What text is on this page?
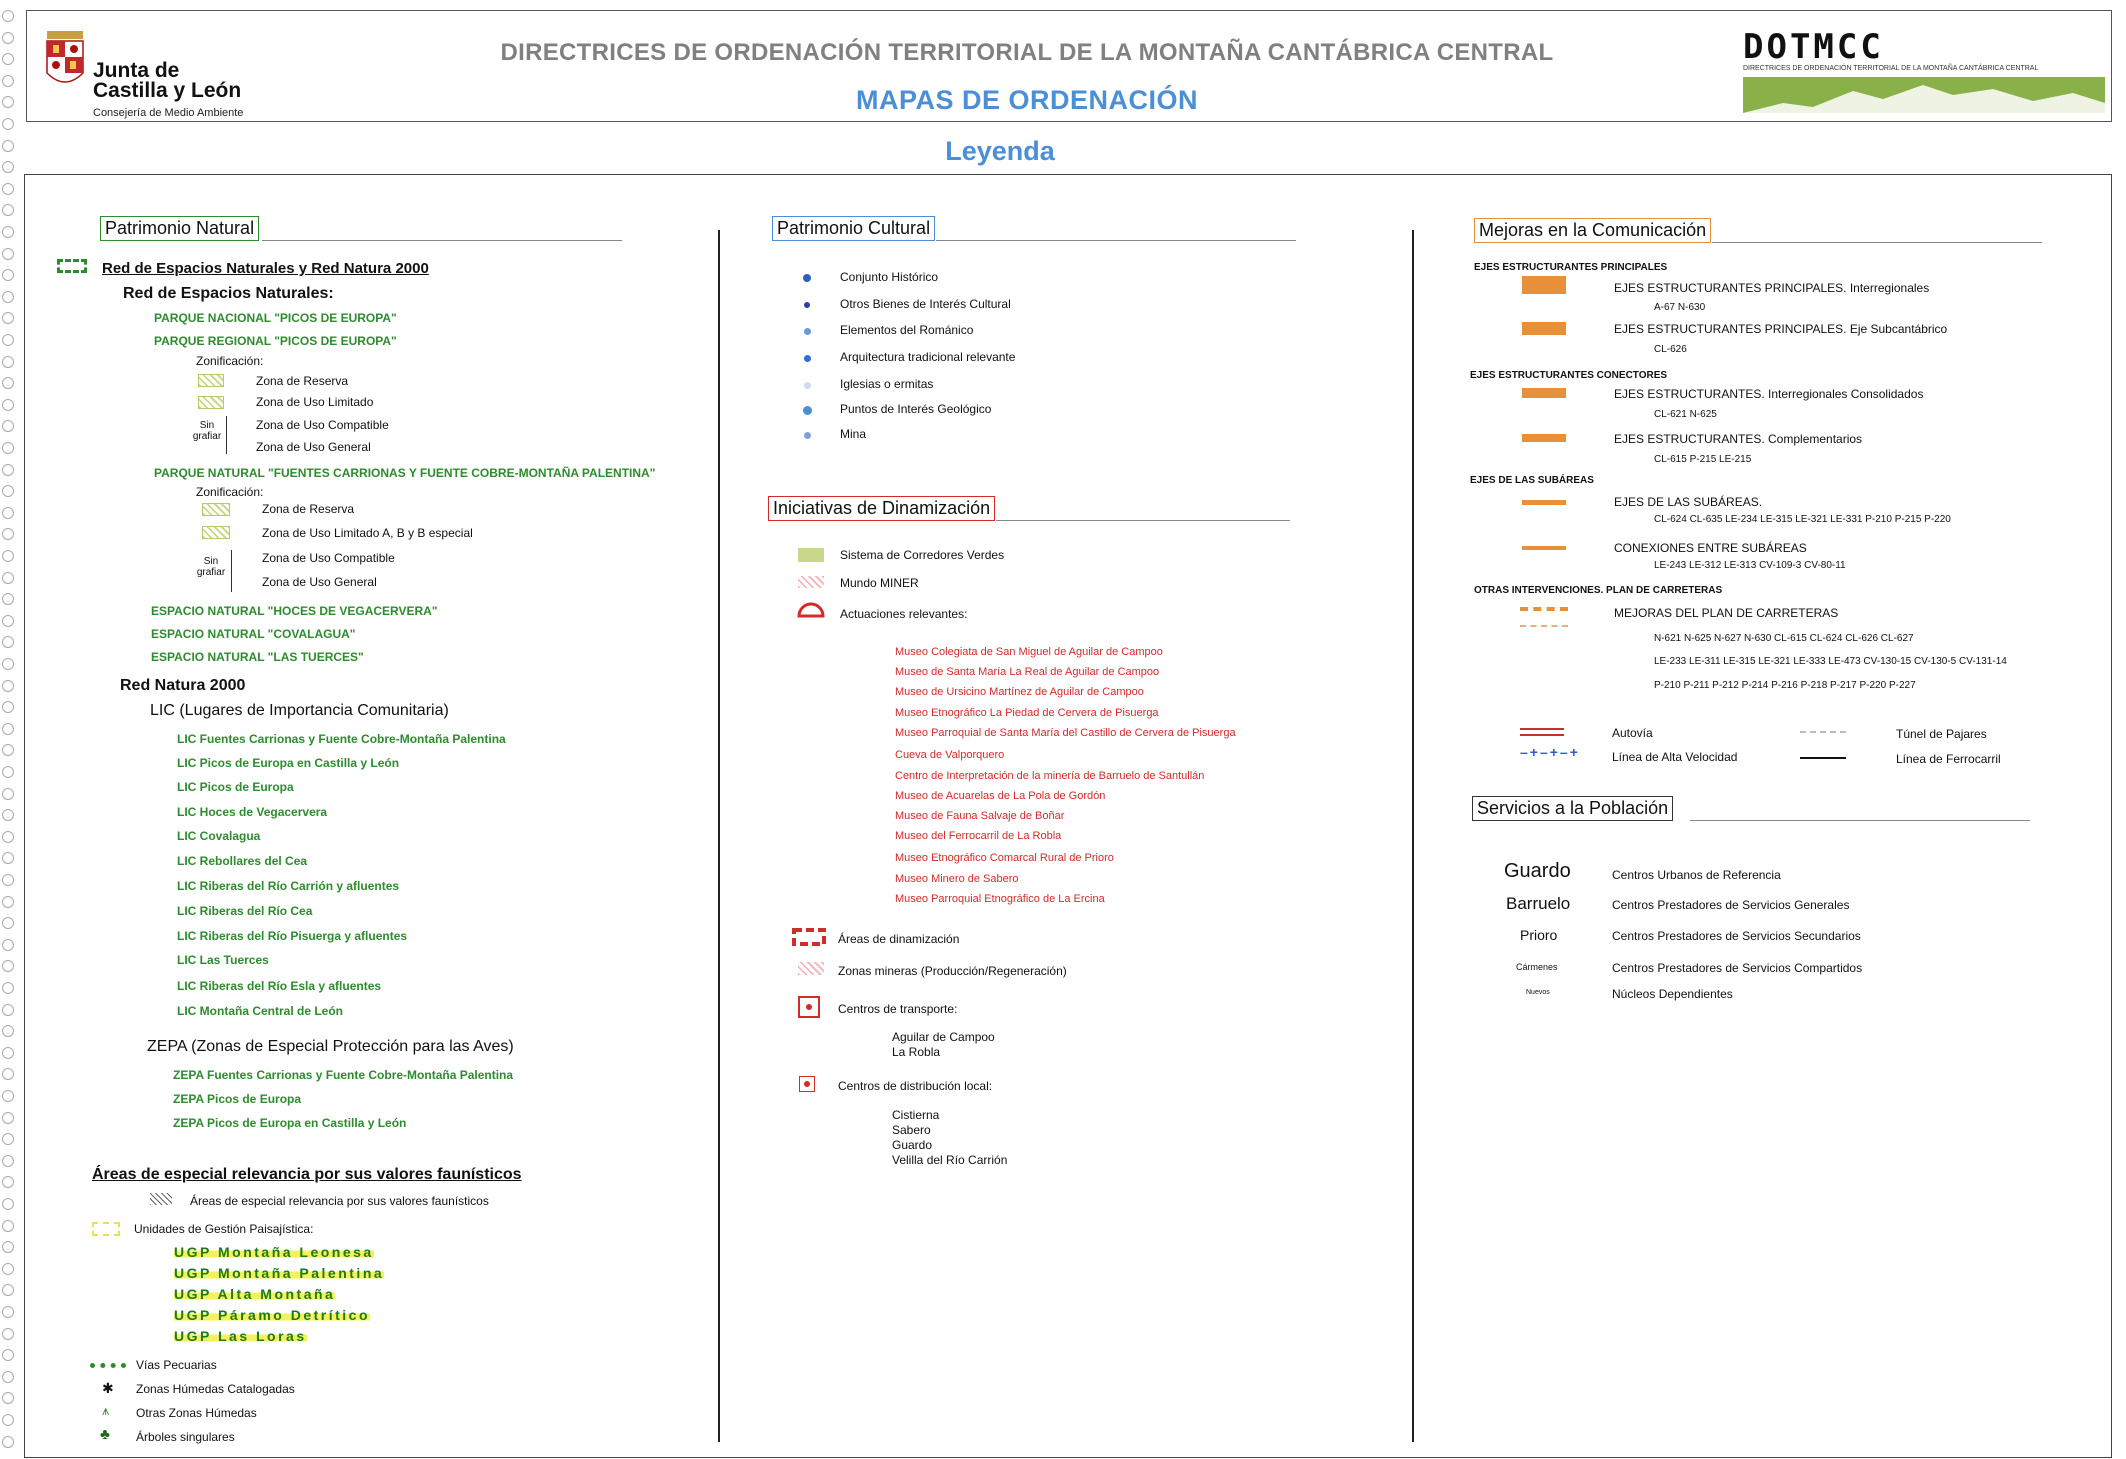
Junta de
Castilla y León
Consejería de Medio Ambiente
DIRECTRICES DE ORDENACIÓN TERRITORIAL DE LA MONTAÑA CANTÁBRICA CENTRAL
MAPAS DE ORDENACIÓN
DOTMCC
DIRECTRICES DE ORDENACIÓN TERRITORIAL DE LA MONTAÑA CANTÁBRICA CENTRAL
Leyenda
Patrimonio Natural
Red de Espacios Naturales y Red Natura 2000
Red de Espacios Naturales:
PARQUE NACIONAL "PICOS DE EUROPA"
PARQUE REGIONAL "PICOS DE EUROPA"
Zonificación:
Zona de Reserva
Zona de Uso Limitado
Sin grafiar
Zona de Uso Compatible
Zona de Uso General
PARQUE NATURAL "FUENTES CARRIONAS Y FUENTE COBRE-MONTAÑA PALENTINA"
Zonificación:
Zona de Reserva
Zona de Uso Limitado A, B y B especial
Sin grafiar
Zona de Uso Compatible
Zona de Uso General
ESPACIO NATURAL "HOCES DE VEGACERVERA"
ESPACIO NATURAL "COVALAGUA"
ESPACIO NATURAL "LAS TUERCES"
Red Natura 2000
LIC (Lugares de Importancia Comunitaria)
LIC Fuentes Carrionas y Fuente Cobre-Montaña Palentina
LIC Picos de Europa en Castilla y León
LIC Picos de Europa
LIC Hoces de Vegacervera
LIC Covalagua
LIC Rebollares del Cea
LIC Riberas del Río Carrión y afluentes
LIC Riberas del Río Cea
LIC Riberas del Río Pisuerga y afluentes
LIC Las Tuerces
LIC Riberas del Río Esla y afluentes
LIC Montaña Central de León
ZEPA (Zonas de Especial Protección para las Aves)
ZEPA Fuentes Carrionas y Fuente Cobre-Montaña Palentina
ZEPA Picos de Europa
ZEPA Picos de Europa en Castilla y León
Áreas de especial relevancia por sus valores faunísticos
Áreas de especial relevancia por sus valores faunísticos
Unidades de Gestión Paisajística:
UGP Montaña Leonesa
UGP Montaña Palentina
UGP Alta Montaña
UGP Páramo Detrítico
UGP Las Loras
Vías Pecuarias
✱ Zonas Húmedas Catalogadas
⩚ Otras Zonas Húmedas
♣ Árboles singulares
Patrimonio Cultural
Conjunto Histórico
Otros Bienes de Interés Cultural
Elementos del Románico
Arquitectura tradicional relevante
Iglesias o ermitas
Puntos de Interés Geológico
Mina
Iniciativas de Dinamización
Sistema de Corredores Verdes
Mundo MINER
Actuaciones relevantes:
Museo Colegiata de San Miguel de Aguilar de Campoo
Museo de Santa María La Real de Aguilar de Campoo
Museo de Ursicino Martínez de Aguilar de Campoo
Museo Etnográfico La Piedad de Cervera de Pisuerga
Museo Parroquial de Santa María del Castillo de Cervera de Pisuerga
Cueva de Valporquero
Centro de Interpretación de la minería de Barruelo de Santullán
Museo de Acuarelas de La Pola de Gordón
Museo de Fauna Salvaje de Boñar
Museo del Ferrocarril de La Robla
Museo Etnográfico Comarcal Rural de Prioro
Museo Minero de Sabero
Museo Parroquial Etnográfico de La Ercina
Áreas de dinamización
Zonas mineras (Producción/Regeneración)
Centros de transporte:
Aguilar de Campoo
La Robla
Centros de distribución local:
Cistierna
Sabero
Guardo
Velilla del Río Carrión
Mejoras en la Comunicación
EJES ESTRUCTURANTES PRINCIPALES
EJES ESTRUCTURANTES PRINCIPALES. Interregionales
A-67 N-630
EJES ESTRUCTURANTES PRINCIPALES. Eje Subcantábrico
CL-626
EJES ESTRUCTURANTES CONECTORES
EJES ESTRUCTURANTES. Interregionales Consolidados
CL-621 N-625
EJES ESTRUCTURANTES. Complementarios
CL-615 P-215 LE-215
EJES DE LAS SUBÁREAS
EJES DE LAS SUBÁREAS.
CL-624 CL-635 LE-234 LE-315 LE-321 LE-331 P-210 P-215 P-220
CONEXIONES ENTRE SUBÁREAS
LE-243 LE-312 LE-313 CV-109-3 CV-80-11
OTRAS INTERVENCIONES. PLAN DE CARRETERAS
MEJORAS DEL PLAN DE CARRETERAS
N-621 N-625 N-627 N-630 CL-615 CL-624 CL-626 CL-627
LE-233 LE-311 LE-315 LE-321 LE-333 LE-473 CV-130-15 CV-130-5 CV-131-14
P-210 P-211 P-212 P-214 P-216 P-218 P-217 P-220 P-227
Autovía	Túnel de Pajares
–+–+–+	Línea de Alta Velocidad	Línea de Ferrocarril
Servicios a la Población
Guardo	Centros Urbanos de Referencia
Barruelo	Centros Prestadores de Servicios Generales
Prioro	Centros Prestadores de Servicios Secundarios
Cármenes	Centros Prestadores de Servicios Compartidos
Nuevos	Núcleos Dependientes
